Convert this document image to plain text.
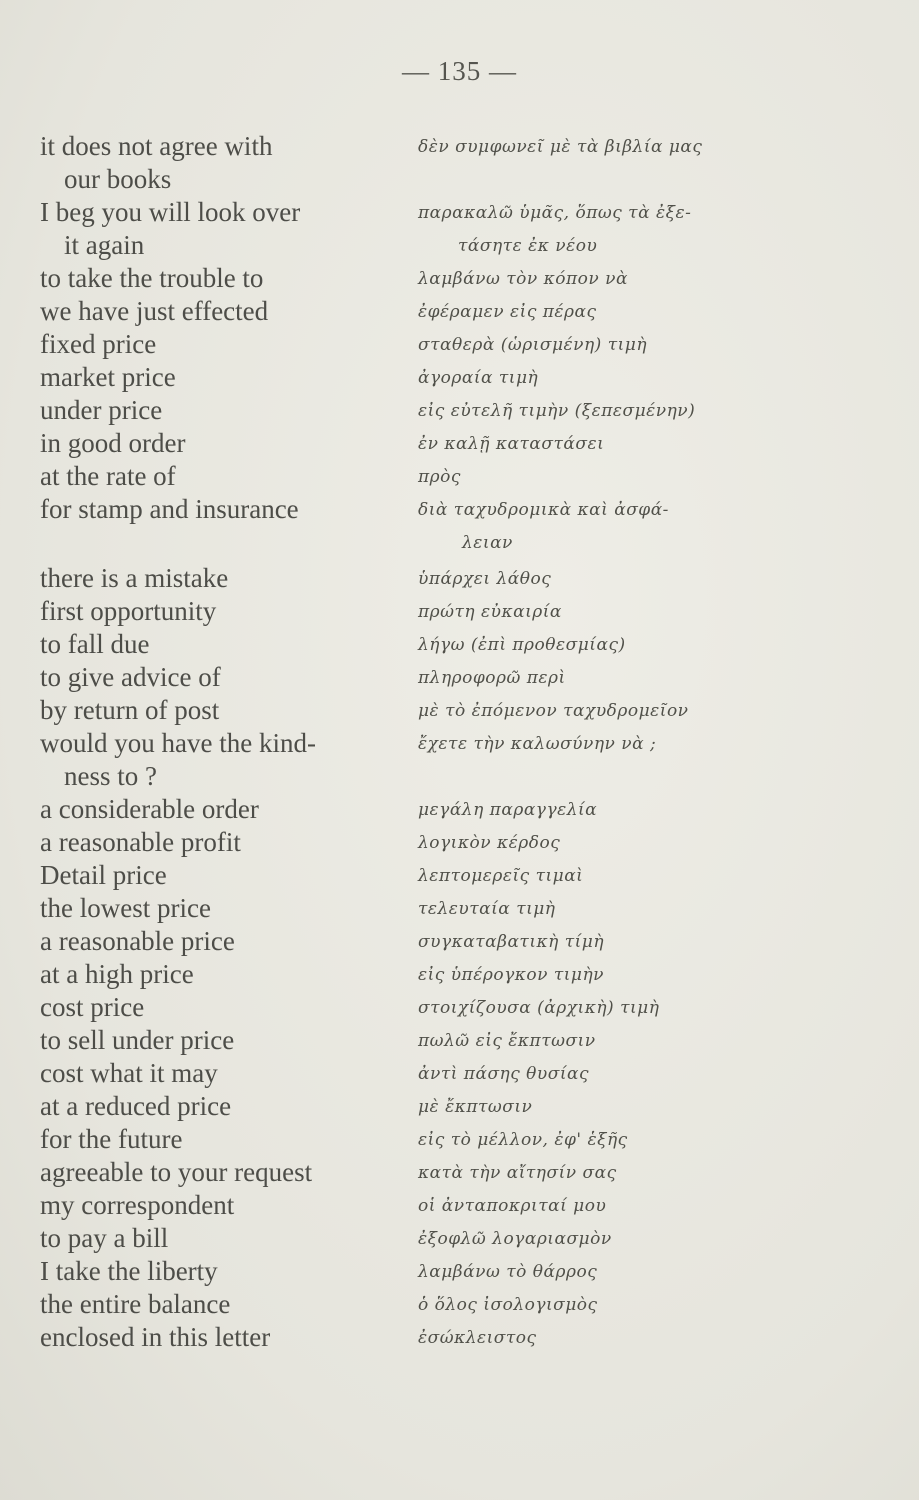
— 135 —
it does not agree with	δὲν συμφωνεῖ μὲ τὰ βιβλία μας
our books
I beg you will look over	παρακαλῶ ὑμᾶς, ὅπως τὰ ἐξε-
it again	τάσητε ἐκ νέου
to take the trouble to	λαμβάνω τὸν κόπον νὰ
we have just effected	ἐφέραμεν εἰς πέρας
fixed price	σταθερὰ (ὡρισμένη) τιμὴ
market price	ἀγοραία τιμὴ
under price	εἰς εὐτελῆ τιμὴν (ξεπεσμένην)
in good order	ἐν καλῇ καταστάσει
at the rate of	πρὸς
for stamp and insurance	διὰ ταχυδρομικὰ καὶ ἀσφά-
λειαν
there is a mistake	ὑπάρχει λάθος
first opportunity	πρώτη εὐκαιρία
to fall due	λήγω (ἐπὶ προθεσμίας)
to give advice of	πληροφορῶ περὶ
by return of post	μὲ τὸ ἐπόμενον ταχυδρομεῖον
would you have the kind-	ἔχετε τὴν καλωσύνην νὰ ;
ness to ?
a considerable order	μεγάλη παραγγελία
a reasonable profit	λογικὸν κέρδος
Detail price	λεπτομερεῖς τιμαὶ
the lowest price	τελευταία τιμὴ
a reasonable price	συγκαταβατικὴ τίμὴ
at a high price	εἰς ὑπέρογκον τιμὴν
cost price	στοιχίζουσα (ἀρχικὴ) τιμὴ
to sell under price	πωλῶ εἰς ἔκπτωσιν
cost what it may	ἀντὶ πάσης θυσίας
at a reduced price	μὲ ἔκπτωσιν
for the future	εἰς τὸ μέλλον, ἐφ' ἑξῆς
agreeable to your request	κατὰ τὴν αἴτησίν σας
my correspondent	οἱ ἀνταποκριταί μου
to pay a bill	ἐξοφλῶ λογαριασμὸν
I take the liberty	λαμβάνω τὸ θάρρος
the entire balance	ὁ ὅλος ἰσολογισμὸς
enclosed in this letter	ἐσώκλειστος
